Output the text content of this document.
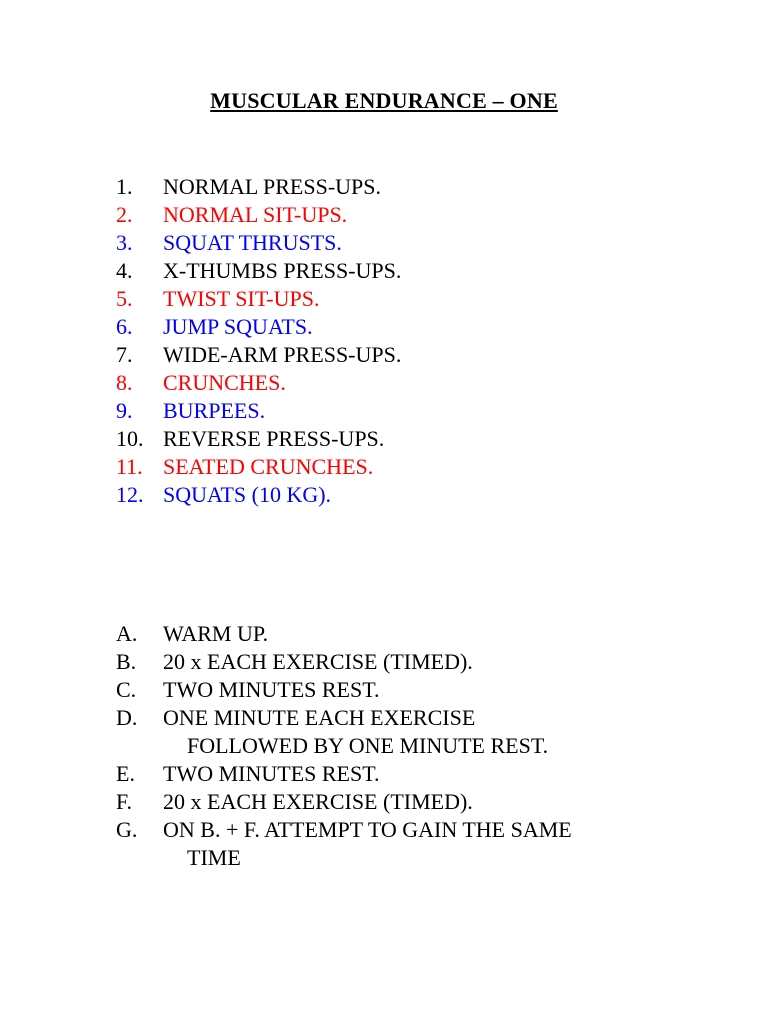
MUSCULAR ENDURANCE – ONE
1.	NORMAL PRESS-UPS.
2.	NORMAL SIT-UPS.
3.	SQUAT THRUSTS.
4.	X-THUMBS PRESS-UPS.
5.	TWIST SIT-UPS.
6.	JUMP SQUATS.
7.	WIDE-ARM PRESS-UPS.
8.	CRUNCHES.
9.	BURPEES.
10. REVERSE PRESS-UPS.
11. SEATED CRUNCHES.
12. SQUATS (10 KG).
A.	WARM UP.
B.	20 x EACH EXERCISE (TIMED).
C.	TWO MINUTES REST.
D.	ONE MINUTE EACH EXERCISE
FOLLOWED BY ONE MINUTE REST.
E.	TWO MINUTES REST.
F.	20 x EACH EXERCISE (TIMED).
G.	ON B. + F. ATTEMPT TO GAIN THE SAME
TIME
